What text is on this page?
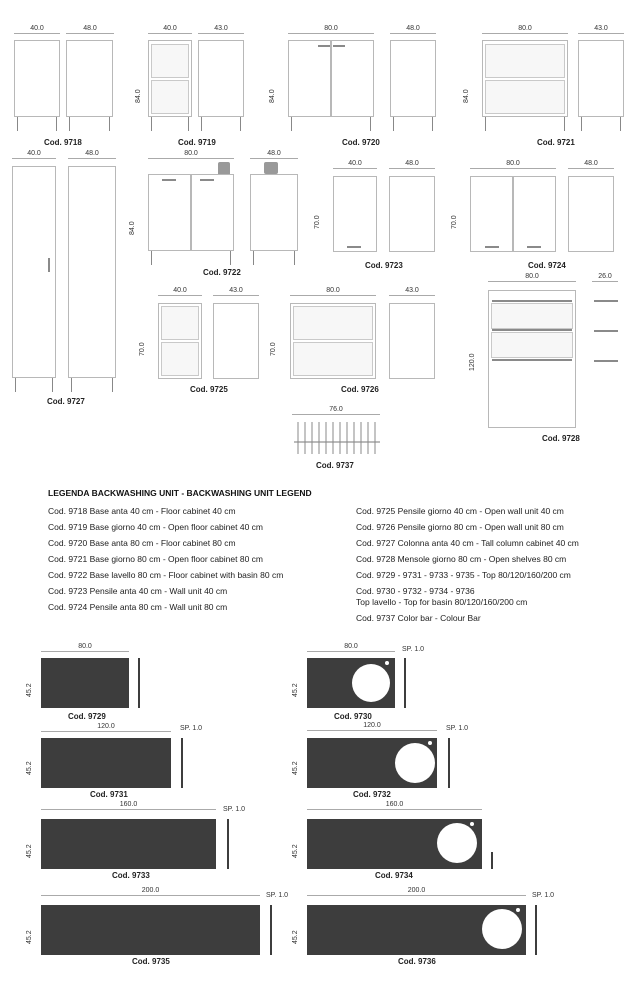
40.0	48.0
Cod. 9718
40.0	43.0
84.0
Cod. 9719
80.0	48.0
84.0
Cod. 9720
80.0	43.0
84.0
Cod. 9721
40.0	48.0
Cod. 9727
80.0	48.0
84.0
Cod. 9722
40.0	48.0
70.0
Cod. 9723
80.0	48.0
70.0
Cod. 9724
40.0	43.0
70.0
Cod. 9725
80.0	43.0
70.0
Cod. 9726
80.0	26.0
120.0
Cod. 9728
76.0
Cod. 9737
LEGENDA BACKWASHING UNIT - BACKWASHING UNIT LEGEND
Cod. 9718 Base anta 40 cm - Floor cabinet 40 cm
Cod. 9719 Base giorno 40 cm - Open floor cabinet 40 cm
Cod. 9720 Base anta 80 cm - Floor cabinet 80 cm
Cod. 9721 Base giorno 80 cm - Open floor cabinet 80 cm
Cod. 9722 Base lavello 80 cm - Floor cabinet with basin 80 cm
Cod. 9723 Pensile anta 40 cm - Wall unit 40 cm
Cod. 9724 Pensile anta 80 cm - Wall unit 80 cm
Cod. 9725 Pensile giorno 40 cm - Open wall unit 40 cm
Cod. 9726 Pensile giorno 80 cm - Open wall unit 80 cm
Cod. 9727 Colonna anta 40 cm - Tall column cabinet 40 cm
Cod. 9728 Mensole giorno 80 cm - Open shelves 80 cm
Cod. 9729 - 9731 - 9733 - 9735 - Top 80/120/160/200 cm
Cod. 9730 - 9732 - 9734 - 9736
Top lavello - Top for basin 80/120/160/200 cm
Cod. 9737 Color bar - Colour Bar
80.0
45.2
Cod. 9729
80.0	SP. 1.0
45.2
Cod. 9730
120.0	SP. 1.0
45.2
Cod. 9731
120.0	SP. 1.0
45.2
Cod. 9732
160.0
SP. 1.0
45.2
Cod. 9733
160.0
45.2
Cod. 9734
200.0
SP. 1.0
45.2
Cod. 9735
200.0
SP. 1.0
45.2
Cod. 9736
